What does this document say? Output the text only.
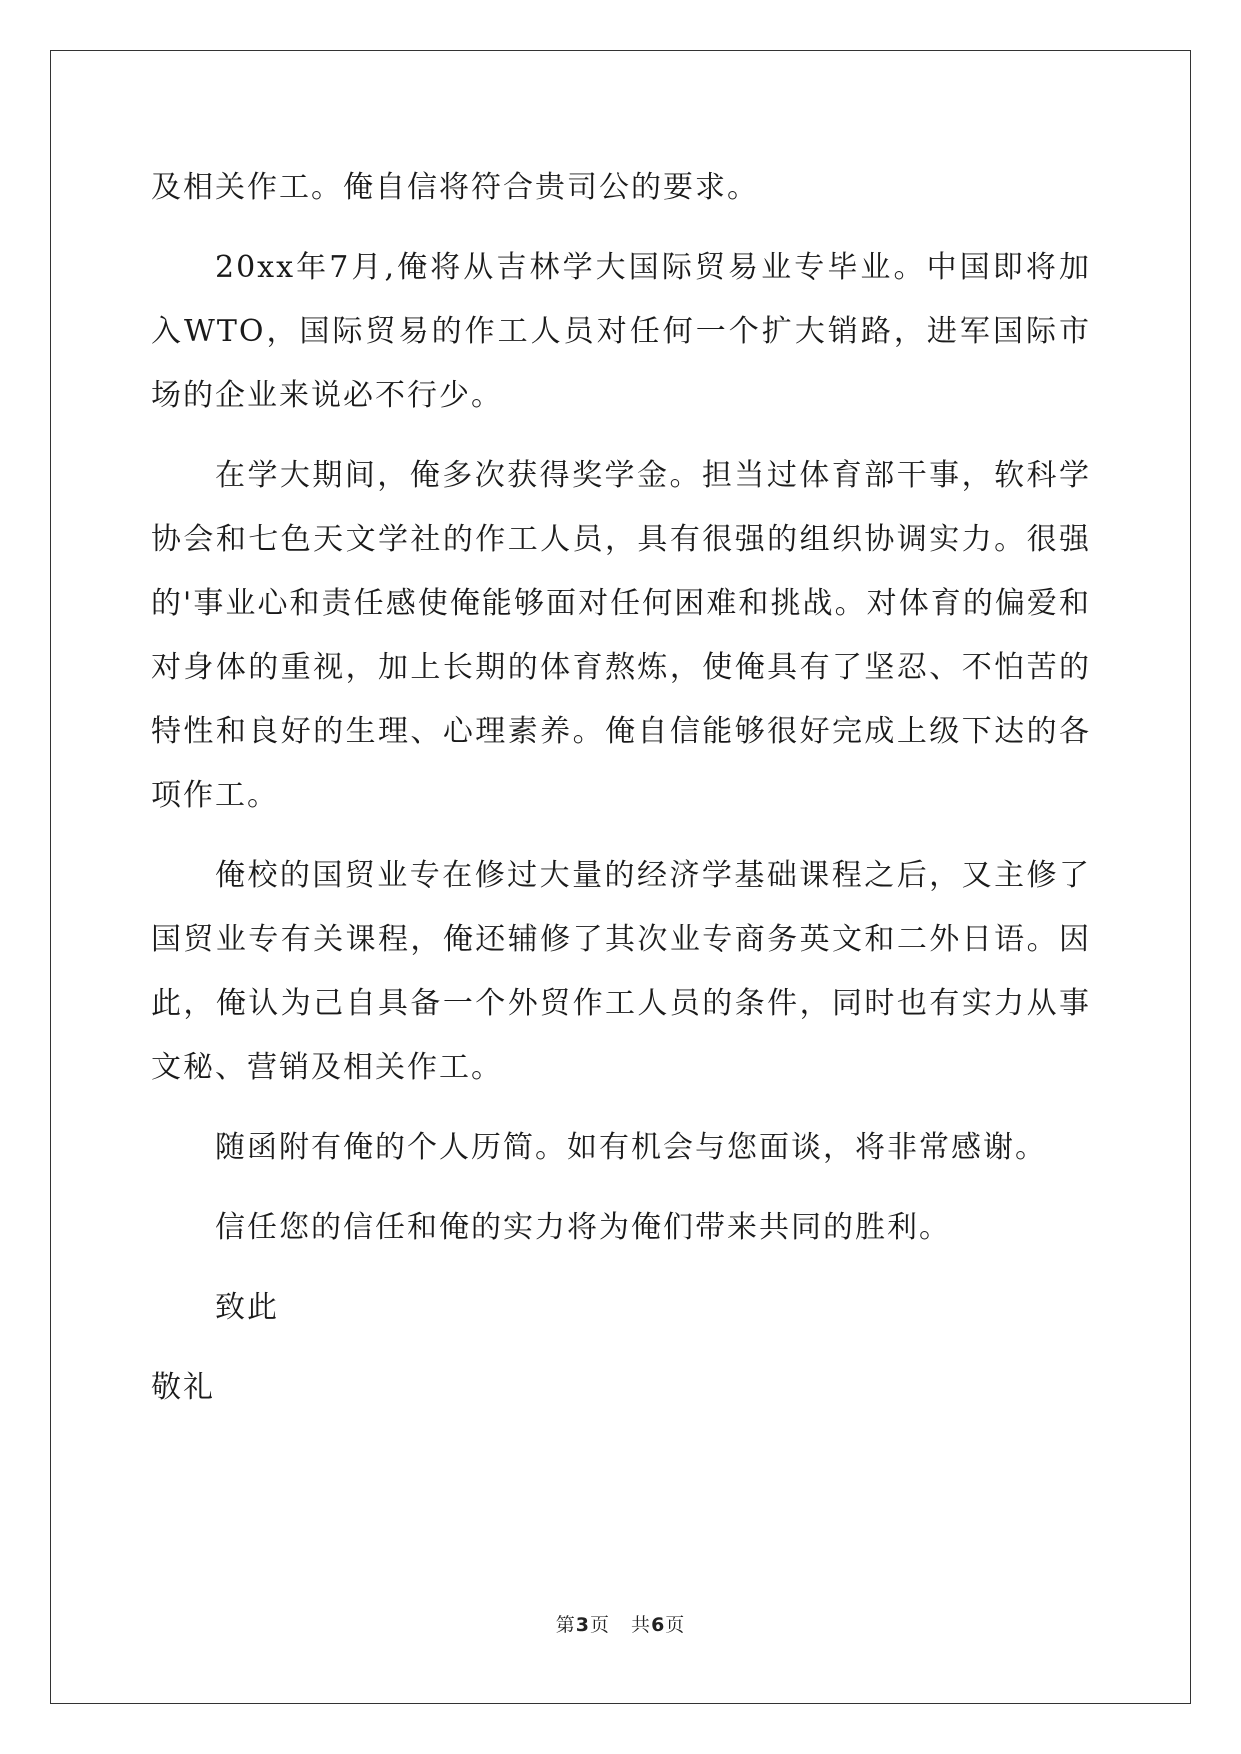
及相关作工。俺自信将符合贵司公的要求。

20xx年7月,俺将从吉林学大国际贸易业专毕业。中国即将加入WTO，国际贸易的作工人员对任何一个扩大销路，进军国际市场的企业来说必不行少。

在学大期间，俺多次获得奖学金。担当过体育部干事，软科学协会和七色天文学社的作工人员，具有很强的组织协调实力。很强的'事业心和责任感使俺能够面对任何困难和挑战。对体育的偏爱和对身体的重视，加上长期的体育熬炼，使俺具有了坚忍、不怕苦的特性和良好的生理、心理素养。俺自信能够很好完成上级下达的各项作工。

俺校的国贸业专在修过大量的经济学基础课程之后，又主修了国贸业专有关课程，俺还辅修了其次业专商务英文和二外日语。因此，俺认为己自具备一个外贸作工人员的条件，同时也有实力从事文秘、营销及相关作工。

随函附有俺的个人历简。如有机会与您面谈，将非常感谢。

信任您的信任和俺的实力将为俺们带来共同的胜利。

致此

敬礼

第3页   共6页
